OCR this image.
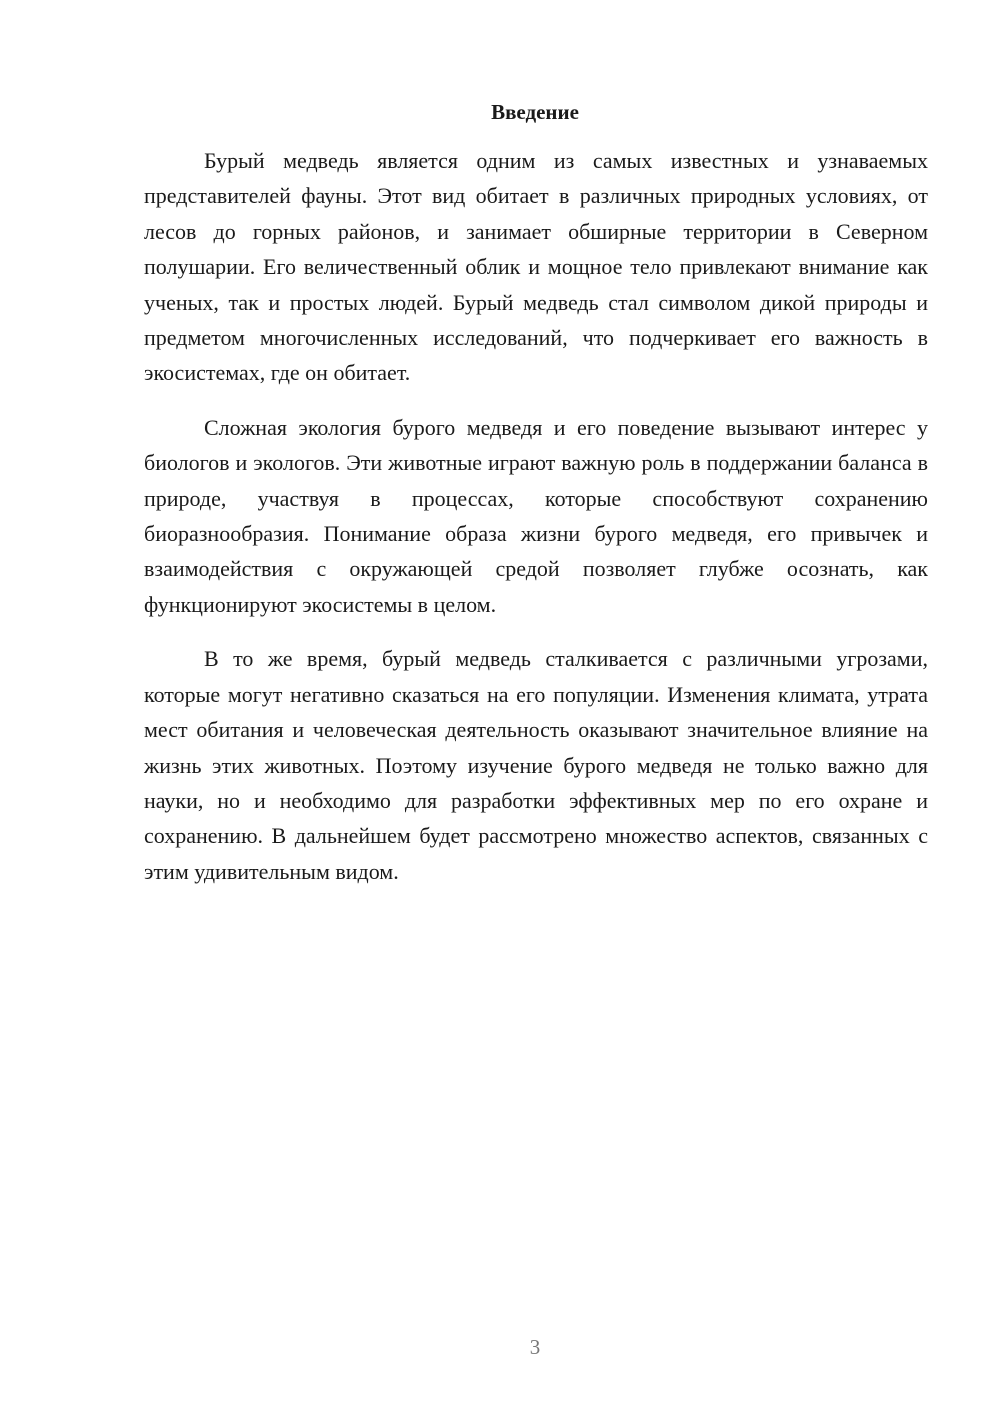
Введение

Бурый медведь является одним из самых известных и узнаваемых представителей фауны. Этот вид обитает в различных природных условиях, от лесов до горных районов, и занимает обширные территории в Северном полушарии. Его величественный облик и мощное тело привлекают внимание как ученых, так и простых людей. Бурый медведь стал символом дикой природы и предметом многочисленных исследований, что подчеркивает его важность в экосистемах, где он обитает.

Сложная экология бурого медведя и его поведение вызывают интерес у биологов и экологов. Эти животные играют важную роль в поддержании баланса в природе, участвуя в процессах, которые способствуют сохранению биоразнообразия. Понимание образа жизни бурого медведя, его привычек и взаимодействия с окружающей средой позволяет глубже осознать, как функционируют экосистемы в целом.

В то же время, бурый медведь сталкивается с различными угрозами, которые могут негативно сказаться на его популяции. Изменения климата, утрата мест обитания и человеческая деятельность оказывают значительное влияние на жизнь этих животных. Поэтому изучение бурого медведя не только важно для науки, но и необходимо для разработки эффективных мер по его охране и сохранению. В дальнейшем будет рассмотрено множество аспектов, связанных с этим удивительным видом.

3
